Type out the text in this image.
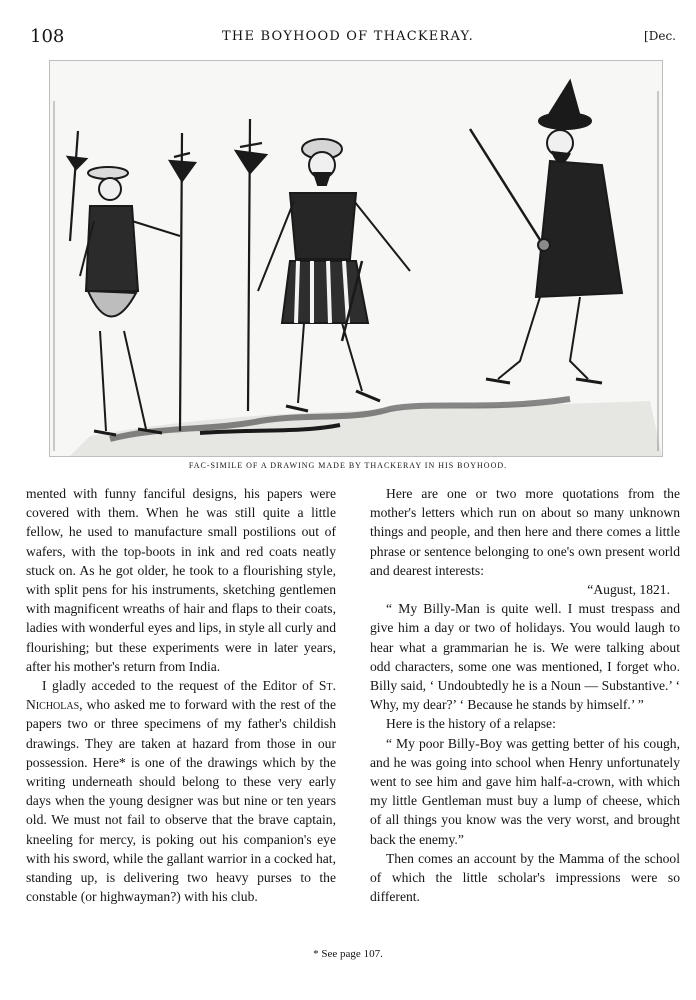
108	THE BOYHOOD OF THACKERAY.	[Dec.
FAC-SIMILE OF A DRAWING MADE BY THACKERAY IN HIS BOYHOOD.

mented with funny fanciful designs, his papers were covered with them. When he was still quite a little fellow, he used to manufacture small postilions out of wafers, with the top-boots in ink and red coats neatly stuck on. As he got older, he took to a flourishing style, with split pens for his instruments, sketching gentlemen with magnificent wreaths of hair and flaps to their coats, ladies with wonderful eyes and lips, in style all curly and flourishing; but these experiments were in later years, after his mother's return from India.

I gladly acceded to the request of the Editor of St. Nicholas, who asked me to forward with the rest of the papers two or three specimens of my father's childish drawings. They are taken at hazard from those in our possession. Here* is one of the drawings which by the writing underneath should belong to these very early days when the young designer was but nine or ten years old. We must not fail to observe that the brave captain, kneeling for mercy, is poking out his companion's eye with his sword, while the gallant warrior in a cocked hat, standing up, is delivering two heavy purses to the constable (or highwayman?) with his club.

Here are one or two more quotations from the mother's letters which run on about so many unknown things and people, and then here and there comes a little phrase or sentence belonging to one's own present world and dearest interests:

“August, 1821.

“ My Billy-Man is quite well. I must trespass and give him a day or two of holidays. You would laugh to hear what a grammarian he is. We were talking about odd characters, some one was mentioned, I forget who. Billy said, ‘ Undoubtedly he is a Noun — Substantive.’ ‘ Why, my dear?’ ‘ Because he stands by himself.’ ”

Here is the history of a relapse:

“ My poor Billy-Boy was getting better of his cough, and he was going into school when Henry unfortunately went to see him and gave him half-a-crown, with which my little Gentleman must buy a lump of cheese, which of all things you know was the very worst, and brought back the enemy.”

Then comes an account by the Mamma of the school of which the little scholar's impressions were so different.

* See page 107.
